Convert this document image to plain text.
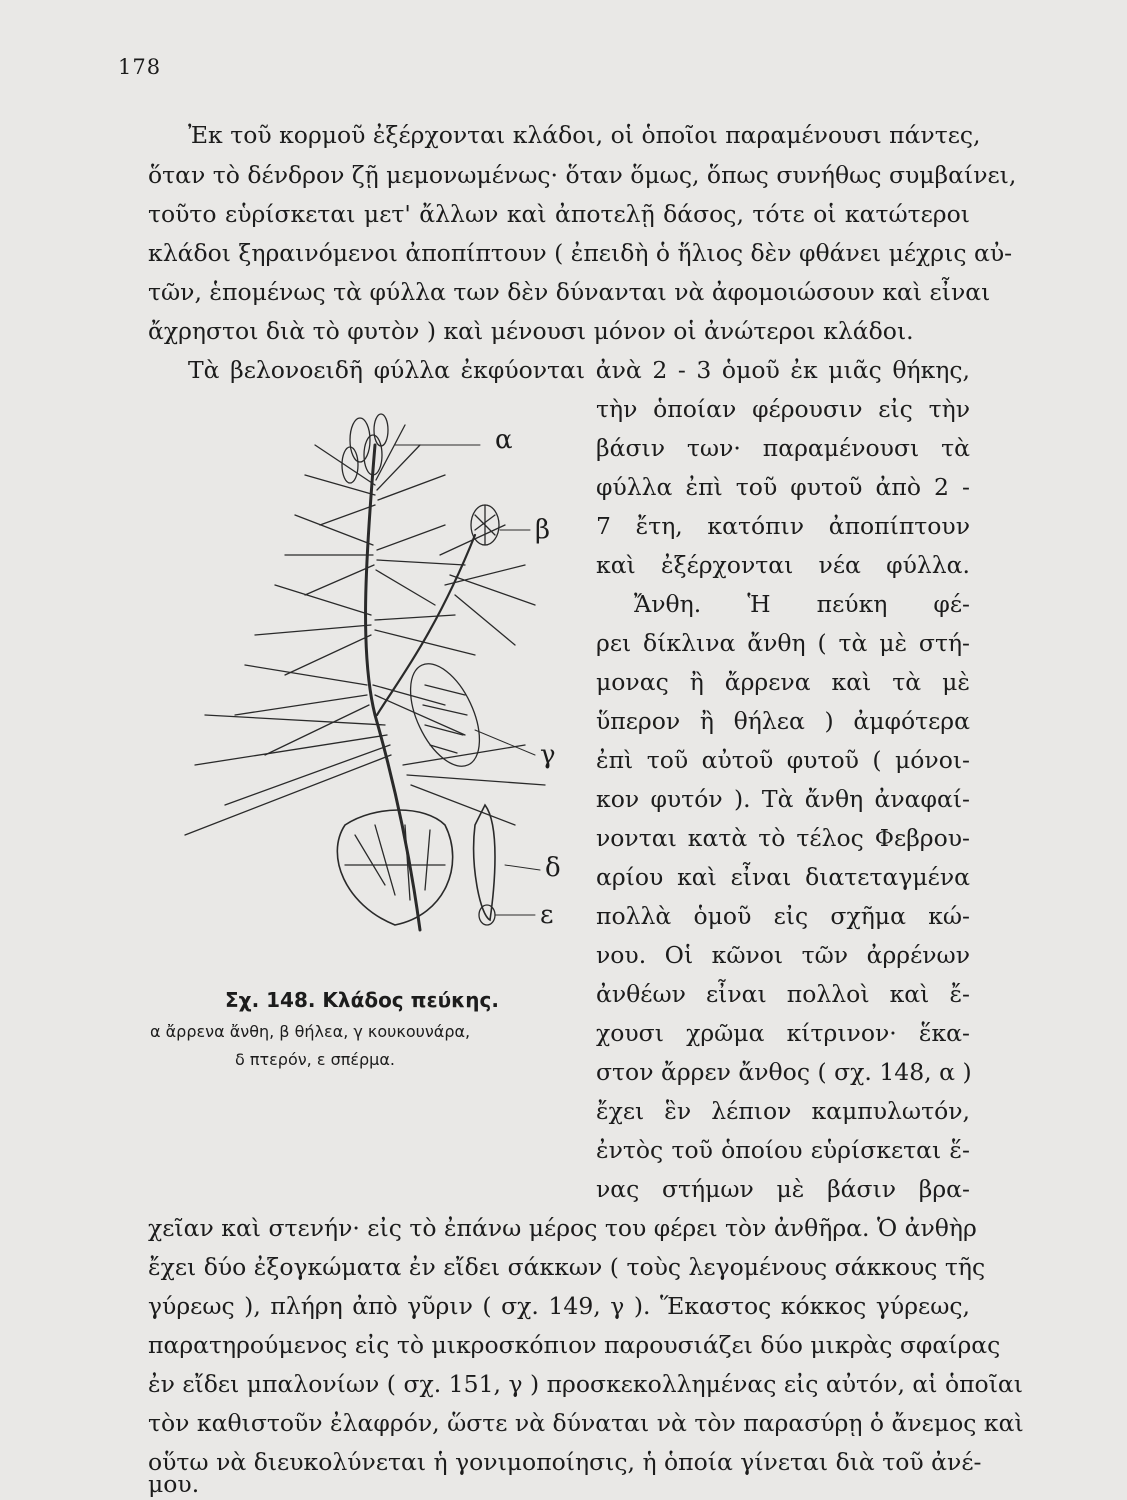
178
Ἐκ τοῦ κορμοῦ ἐξέρχονται κλάδοι, οἱ ὁποῖοι παραμένουσι πάντες,
ὅταν τὸ δένδρον ζῇ μεμονωμένως· ὅταν ὅμως, ὅπως συνήθως συμβαίνει,
τοῦτο εὑρίσκεται μετ' ἄλλων καὶ ἀποτελῇ δάσος, τότε οἱ κατώτεροι
κλάδοι ξηραινόμενοι ἀποπίπτουν ( ἐπειδὴ ὁ ἥλιος δὲν φθάνει μέχρις αὐ-
τῶν, ἑπομένως τὰ φύλλα των δὲν δύνανται νὰ ἀφομοιώσουν καὶ εἶναι
ἄχρηστοι διὰ τὸ φυτὸν ) καὶ μένουσι μόνον οἱ ἀνώτεροι κλάδοι.
Τὰ βελονοειδῆ φύλλα ἐκφύονται ἀνὰ 2 - 3 ὁμοῦ ἐκ μιᾶς θήκης,
τὴν ὁποίαν φέρουσιν εἰς τὴν
βάσιν των· παραμένουσι τὰ
φύλλα ἐπὶ τοῦ φυτοῦ ἀπὸ 2 -
7 ἔτη, κατόπιν ἀποπίπτουν
καὶ ἐξέρχονται νέα φύλλα.
Ἄνθη. Ἡ πεύκη φέ-
ρει δίκλινα ἄνθη ( τὰ μὲ στή-
μονας ἢ ἄρρενα καὶ τὰ μὲ
ὕπερον ἢ θήλεα ) ἀμφότερα
ἐπὶ τοῦ αὐτοῦ φυτοῦ ( μόνοι-
κον φυτόν ). Τὰ ἄνθη ἀναφαί-
νονται κατὰ τὸ τέλος Φεβρου-
αρίου καὶ εἶναι διατεταγμένα
πολλὰ ὁμοῦ εἰς σχῆμα κώ-
νου. Οἱ κῶνοι τῶν ἀρρένων
ἀνθέων εἶναι πολλοὶ καὶ ἔ-
χουσι χρῶμα κίτρινον· ἕκα-
στον ἄρρεν ἄνθος ( σχ. 148, α )
ἔχει ἓν λέπιον καμπυλωτόν,
ἐντὸς τοῦ ὁποίου εὑρίσκεται ἕ-
νας στήμων μὲ βάσιν βρα-
χεῖαν καὶ στενήν· εἰς τὸ ἐπάνω μέρος του φέρει τὸν ἀνθῆρα. Ὁ ἀνθὴρ
ἔχει δύο ἐξογκώματα ἐν εἴδει σάκκων ( τοὺς λεγομένους σάκκους τῆς
γύρεως ), πλήρη ἀπὸ γῦριν ( σχ. 149, γ ). Ἕκαστος κόκκος γύρεως,
παρατηρούμενος εἰς τὸ μικροσκόπιον παρουσιάζει δύο μικρὰς σφαίρας
ἐν εἴδει μπαλονίων ( σχ. 151, γ ) προσκεκολλημένας εἰς αὐτόν, αἱ ὁποῖαι
τὸν καθιστοῦν ἐλαφρόν, ὥστε νὰ δύναται νὰ τὸν παρασύρῃ ὁ ἄνεμος καὶ
οὕτω νὰ διευκολύνεται ἡ γονιμοποίησις, ἡ ὁποία γίνεται διὰ τοῦ ἀνέ-
α
β
γ
δ
ε
Σχ. 148. Κλάδος πεύκης.
α ἄρρενα ἄνθη, β θήλεα, γ κουκουνάρα,
δ πτερόν, ε σπέρμα.
μου.
